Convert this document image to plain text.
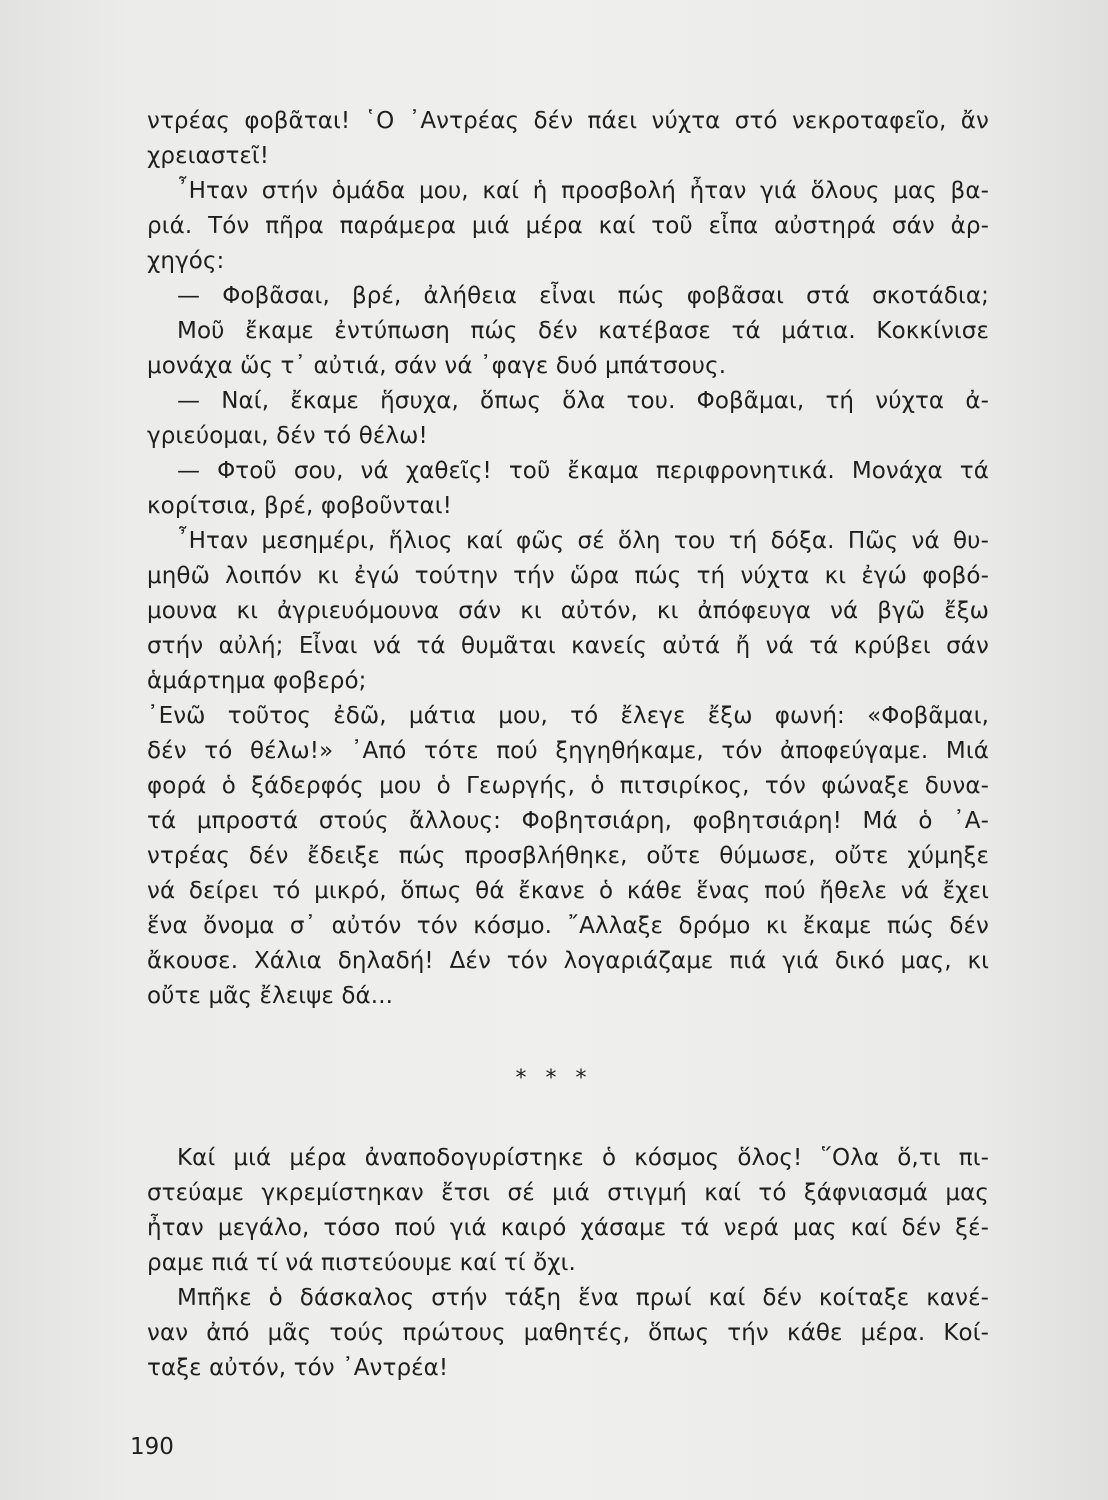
ντρέας φοβᾶται! ῾Ο ᾿Αντρέας δέν πάει νύχτα στό νεκροταφεῖο, ἄν
χρειαστεῖ!
῏Ηταν στήν ὁμάδα μου, καί ἡ προσβολή ἦταν γιά ὅλους μας βα-
ριά. Τόν πῆρα παράμερα μιά μέρα καί τοῦ εἶπα αὐστηρά σάν ἀρ-
χηγός:
— Φοβᾶσαι, βρέ, ἀλήθεια εἶναι πώς φοβᾶσαι στά σκοτάδια;
Μοῦ ἔκαμε ἐντύπωση πώς δέν κατέβασε τά μάτια. Κοκκίνισε
μονάχα ὥς τ᾿ αὐτιά, σάν νά ᾿φαγε δυό μπάτσους.
— Ναί, ἔκαμε ἥσυχα, ὅπως ὅλα του. Φοβᾶμαι, τή νύχτα ἀ-
γριεύομαι, δέν τό θέλω!
— Φτοῦ σου, νά χαθεῖς! τοῦ ἔκαμα περιφρονητικά. Μονάχα τά
κορίτσια, βρέ, φοβοῦνται!
῏Ηταν μεσημέρι, ἥλιος καί φῶς σέ ὅλη του τή δόξα. Πῶς νά θυ-
μηθῶ λοιπόν κι ἐγώ τούτην τήν ὥρα πώς τή νύχτα κι ἐγώ φοβό-
μουνα κι ἀγριευόμουνα σάν κι αὐτόν, κι ἀπόφευγα νά βγῶ ἔξω
στήν αὐλή; Εἶναι νά τά θυμᾶται κανείς αὐτά ἤ νά τά κρύβει σάν
ἁμάρτημα φοβερό;
᾿Ενῶ τοῦτος ἐδῶ, μάτια μου, τό ἔλεγε ἔξω φωνή: «Φοβᾶμαι,
δέν τό θέλω!» ᾿Από τότε πού ξηγηθήκαμε, τόν ἀποφεύγαμε. Μιά
φορά ὁ ξάδερφός μου ὁ Γεωργής, ὁ πιτσιρίκος, τόν φώναξε δυνα-
τά μπροστά στούς ἄλλους: Φοβητσιάρη, φοβητσιάρη! Μά ὁ ᾿Α-
ντρέας δέν ἔδειξε πώς προσβλήθηκε, οὔτε θύμωσε, οὔτε χύμηξε
νά δείρει τό μικρό, ὅπως θά ἔκανε ὁ κάθε ἕνας πού ἤθελε νά ἔχει
ἕνα ὄνομα σ᾿ αὐτόν τόν κόσμο. ῎Αλλαξε δρόμο κι ἔκαμε πώς δέν
ἄκουσε. Χάλια δηλαδή! Δέν τόν λογαριάζαμε πιά γιά δικό μας, κι
οὔτε μᾶς ἔλειψε δά...
* * *
Καί μιά μέρα ἀναποδογυρίστηκε ὁ κόσμος ὅλος! ῞Ολα ὅ,τι πι-
στεύαμε γκρεμίστηκαν ἔτσι σέ μιά στιγμή καί τό ξάφνιασμά μας
ἦταν μεγάλο, τόσο πού γιά καιρό χάσαμε τά νερά μας καί δέν ξέ-
ραμε πιά τί νά πιστεύουμε καί τί ὄχι.
Μπῆκε ὁ δάσκαλος στήν τάξη ἕνα πρωί καί δέν κοίταξε κανέ-
ναν ἀπό μᾶς τούς πρώτους μαθητές, ὅπως τήν κάθε μέρα. Κοί-
ταξε αὐτόν, τόν ᾿Αντρέα!
190
